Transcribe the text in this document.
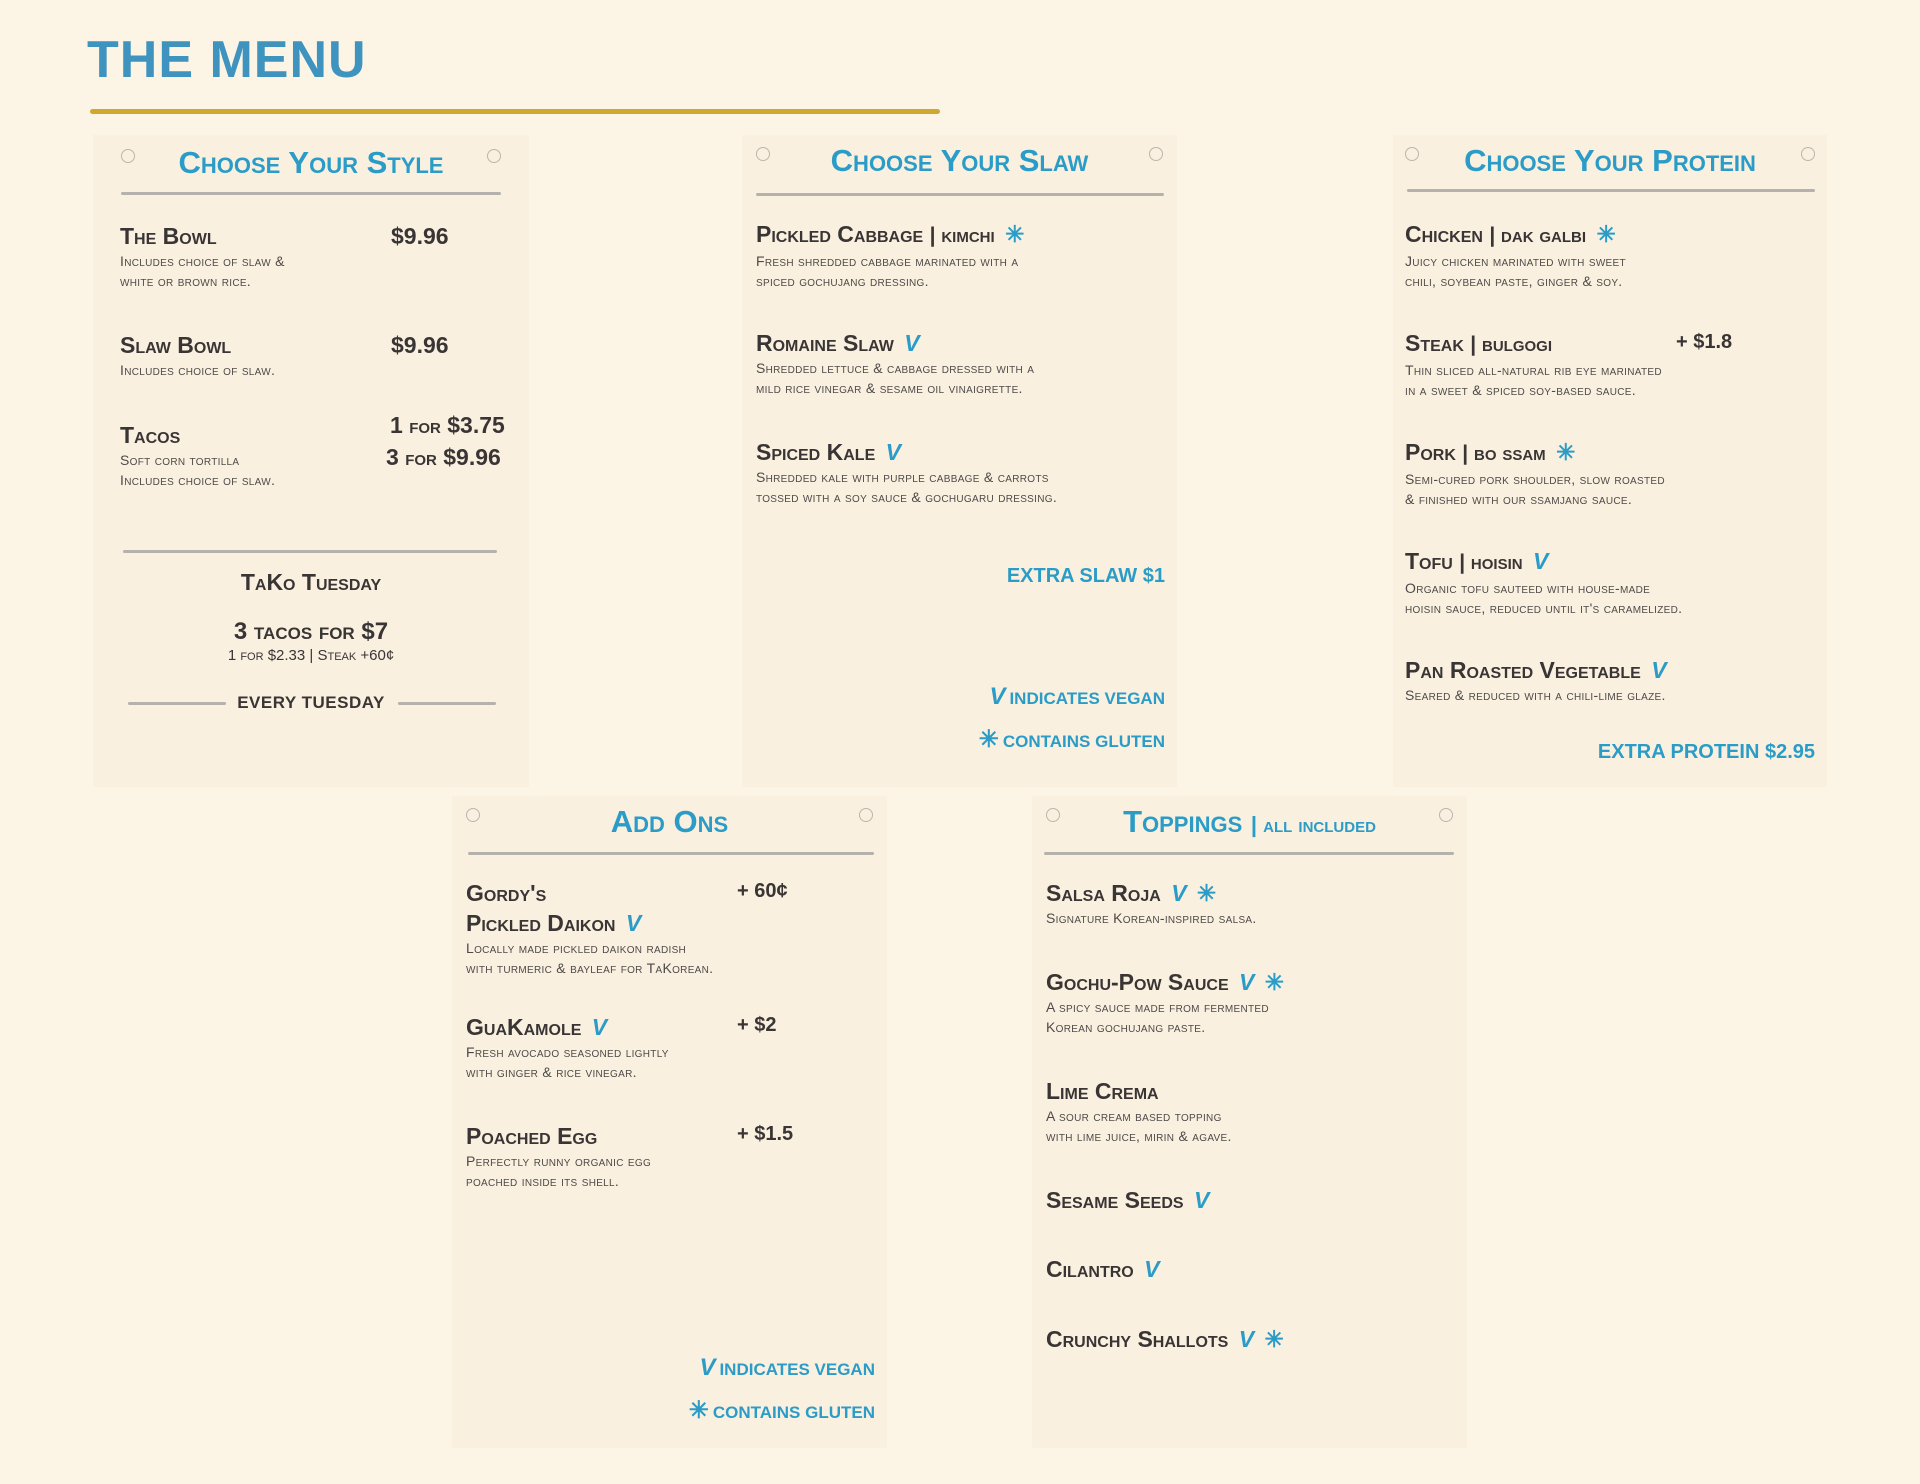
THE MENU
Choose Your Style
The Bowl
Includes choice of slaw &
white or brown rice.
$9.96
Slaw Bowl
Includes choice of slaw.
$9.96
Tacos
Soft corn tortilla
Includes choice of slaw.
1 for $3.75
3 for $9.96
TaKo Tuesday
3 tacos for $7
1 for $2.33 | Steak +60¢
EVERY TUESDAY
Choose Your Slaw
Pickled Cabbage | kimchi ✳
Fresh shredded cabbage marinated with a
spiced gochujang dressing.
Romaine Slaw V
Shredded lettuce & cabbage dressed with a
mild rice vinegar & sesame oil vinaigrette.
Spiced Kale V
Shredded kale with purple cabbage & carrots
tossed with a soy sauce & gochugaru dressing.
EXTRA SLAW $1
V INDICATES VEGAN
✳ CONTAINS GLUTEN
Choose Your Protein
Chicken | dak galbi ✳
Juicy chicken marinated with sweet
chili, soybean paste, ginger & soy.
Steak | bulgogi
Thin sliced all-natural rib eye marinated
in a sweet & spiced soy-based sauce.
+ $1.8
Pork | bo ssam ✳
Semi-cured pork shoulder, slow roasted
& finished with our ssamjang sauce.
Tofu | hoisin V
Organic tofu sauteed with house-made
hoisin sauce, reduced until it's caramelized.
Pan Roasted Vegetable V
Seared & reduced with a chili-lime glaze.
EXTRA PROTEIN $2.95
Add Ons
Gordy's
Pickled Daikon V
Locally made pickled daikon radish
with turmeric & bayleaf for TaKorean.
+ 60¢
GuaKamole V
Fresh avocado seasoned lightly
with ginger & rice vinegar.
+ $2
Poached Egg
Perfectly runny organic egg
poached inside its shell.
+ $1.5
V INDICATES VEGAN
✳ CONTAINS GLUTEN
Toppings | all included
Salsa Roja V ✳
Signature Korean-inspired salsa.
Gochu-Pow Sauce V ✳
A spicy sauce made from fermented
Korean gochujang paste.
Lime Crema
A sour cream based topping
with lime juice, mirin & agave.
Sesame Seeds V
Cilantro V
Crunchy Shallots V ✳
